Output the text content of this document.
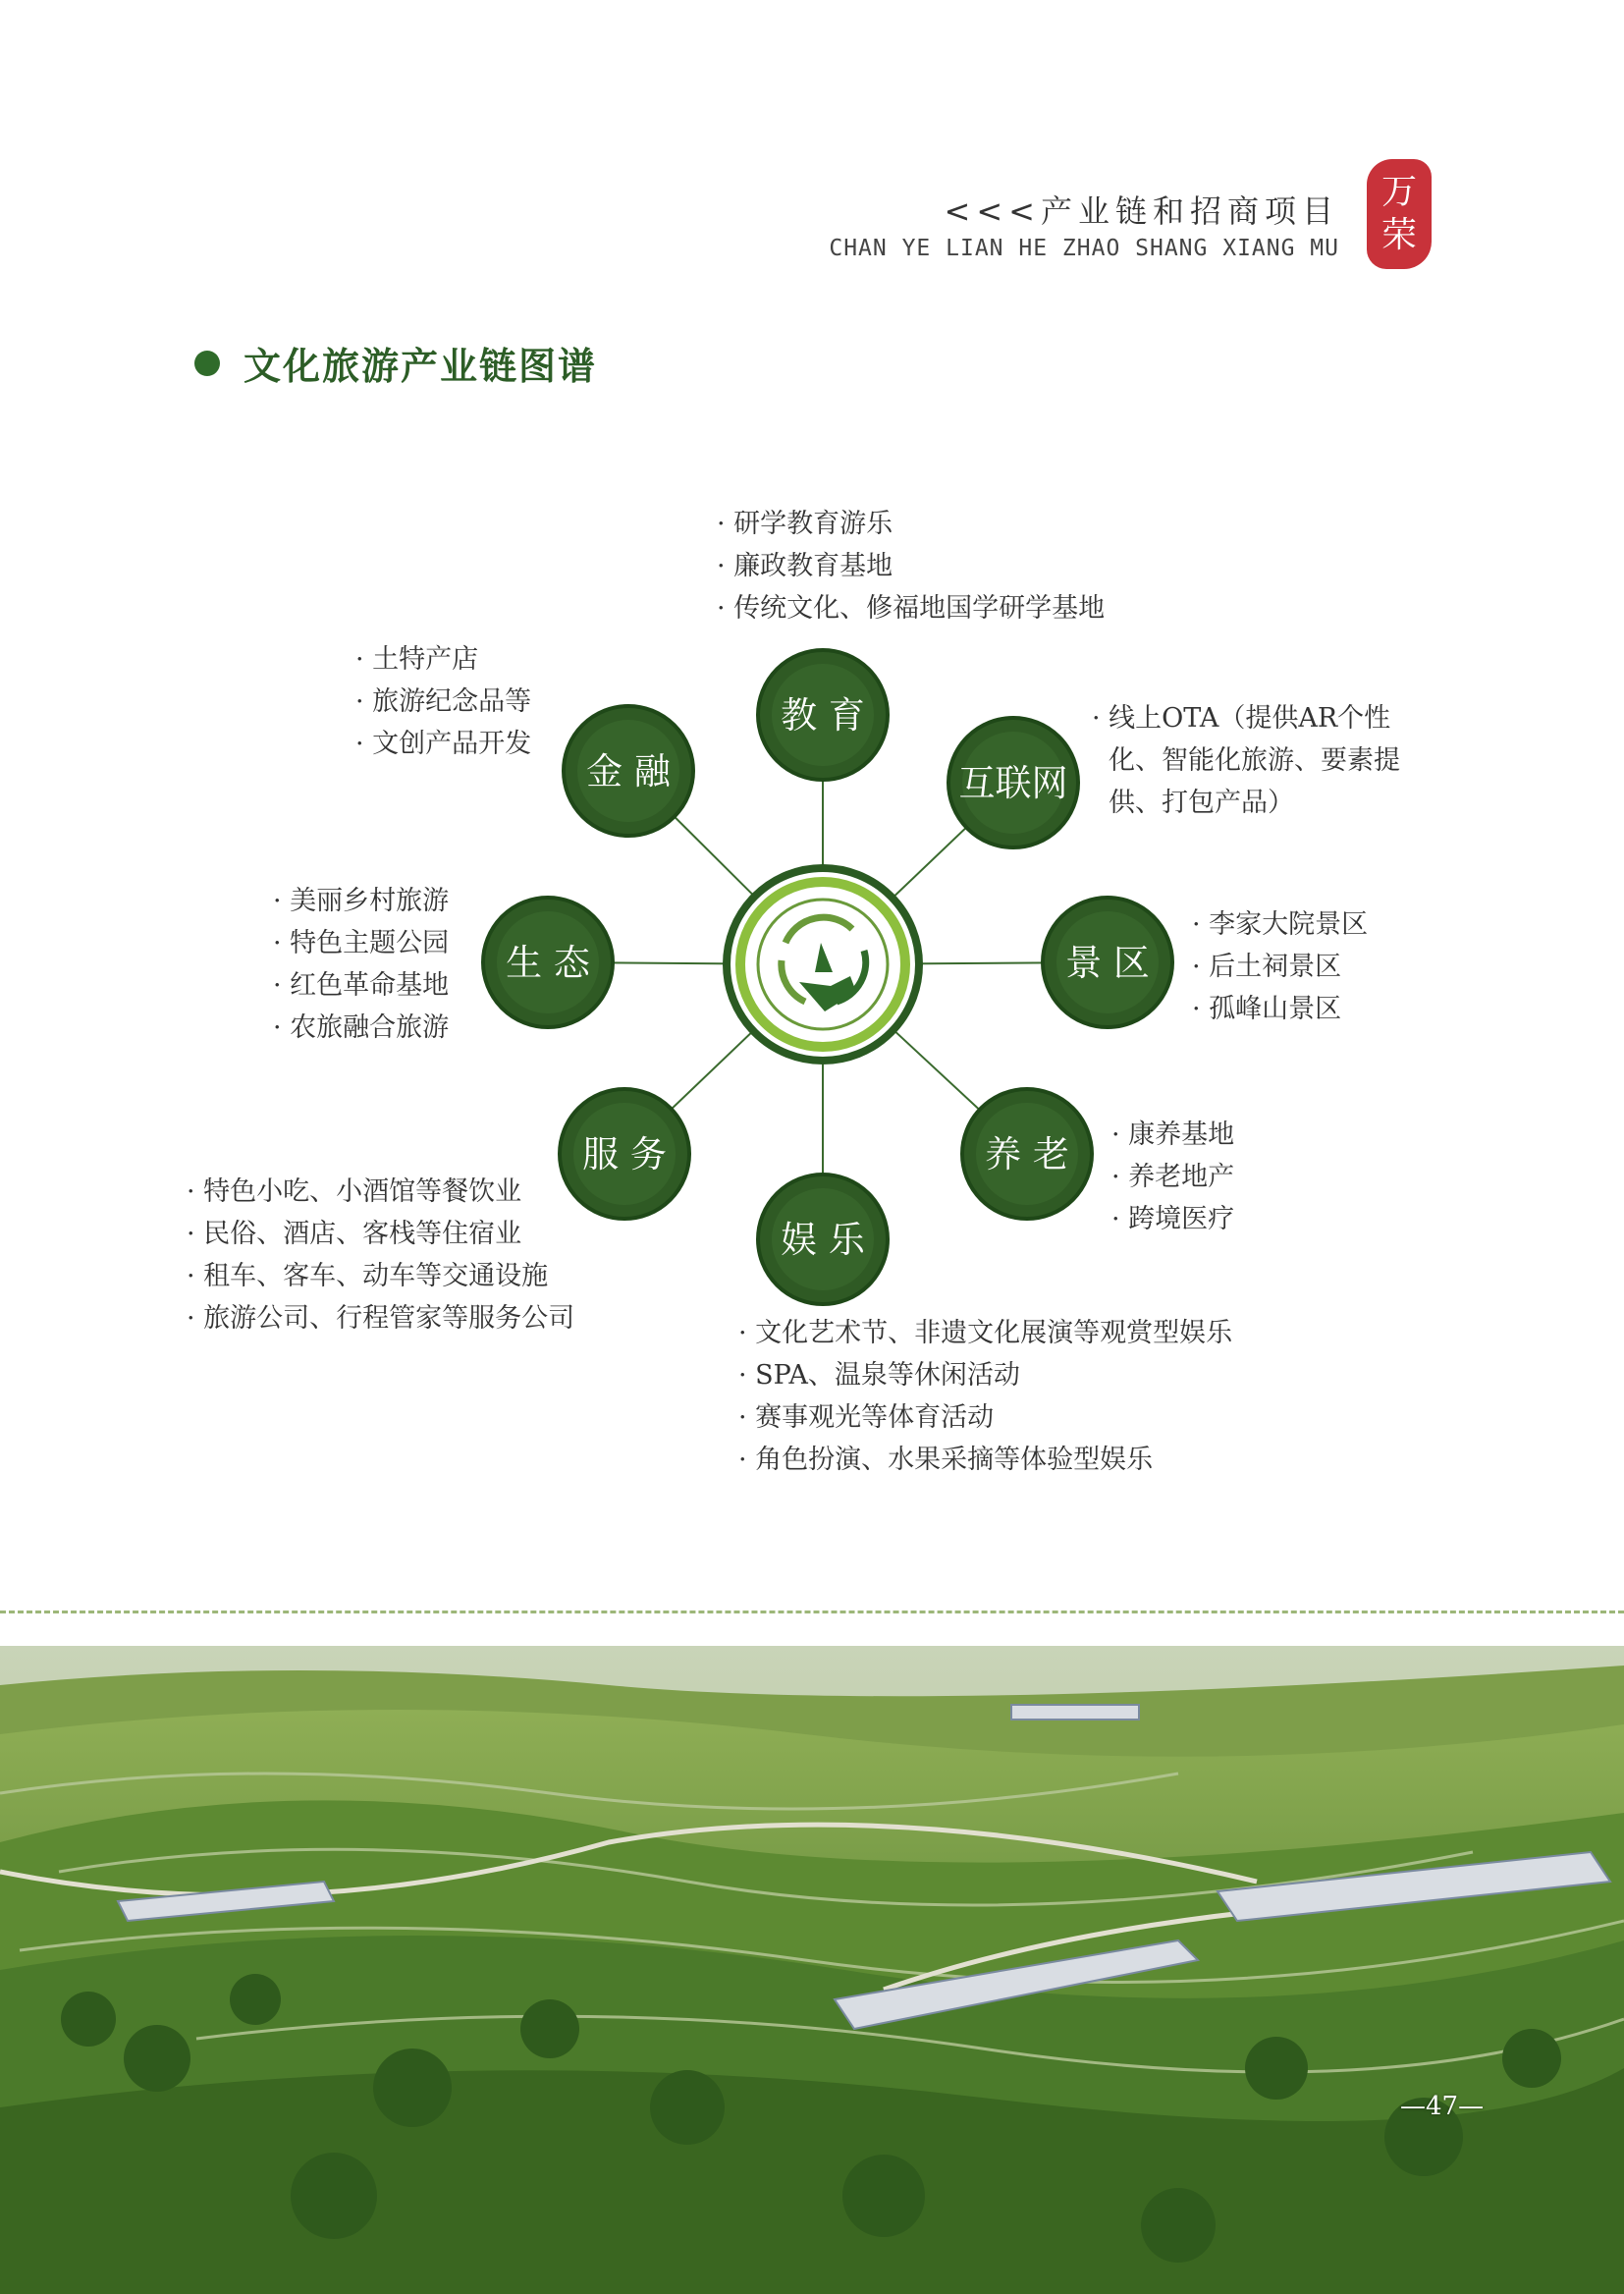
<<<产业链和招商项目
CHAN YE LIAN HE ZHAO SHANG XIANG MU
万
荣
文化旅游产业链图谱
教 育
互联网
景 区
养 老
娱 乐
服 务
生 态
金 融
· 研学教育游乐
· 廉政教育基地
· 传统文化、修福地国学研学基地
· 土特产店
· 旅游纪念品等
· 文创产品开发
· 线上OTA（提供AR个性化、智能化旅游、要素提供、打包产品）
· 李家大院景区
· 后土祠景区
· 孤峰山景区
· 美丽乡村旅游
· 特色主题公园
· 红色革命基地
· 农旅融合旅游
· 康养基地
· 养老地产
· 跨境医疗
· 特色小吃、小酒馆等餐饮业
· 民俗、酒店、客栈等住宿业
· 租车、客车、动车等交通设施
· 旅游公司、行程管家等服务公司
·	文化艺术节、非遗文化展演等观赏型娱乐
· SPA、温泉等休闲活动
· 赛事观光等体育活动
· 角色扮演、水果采摘等体验型娱乐
—47—
